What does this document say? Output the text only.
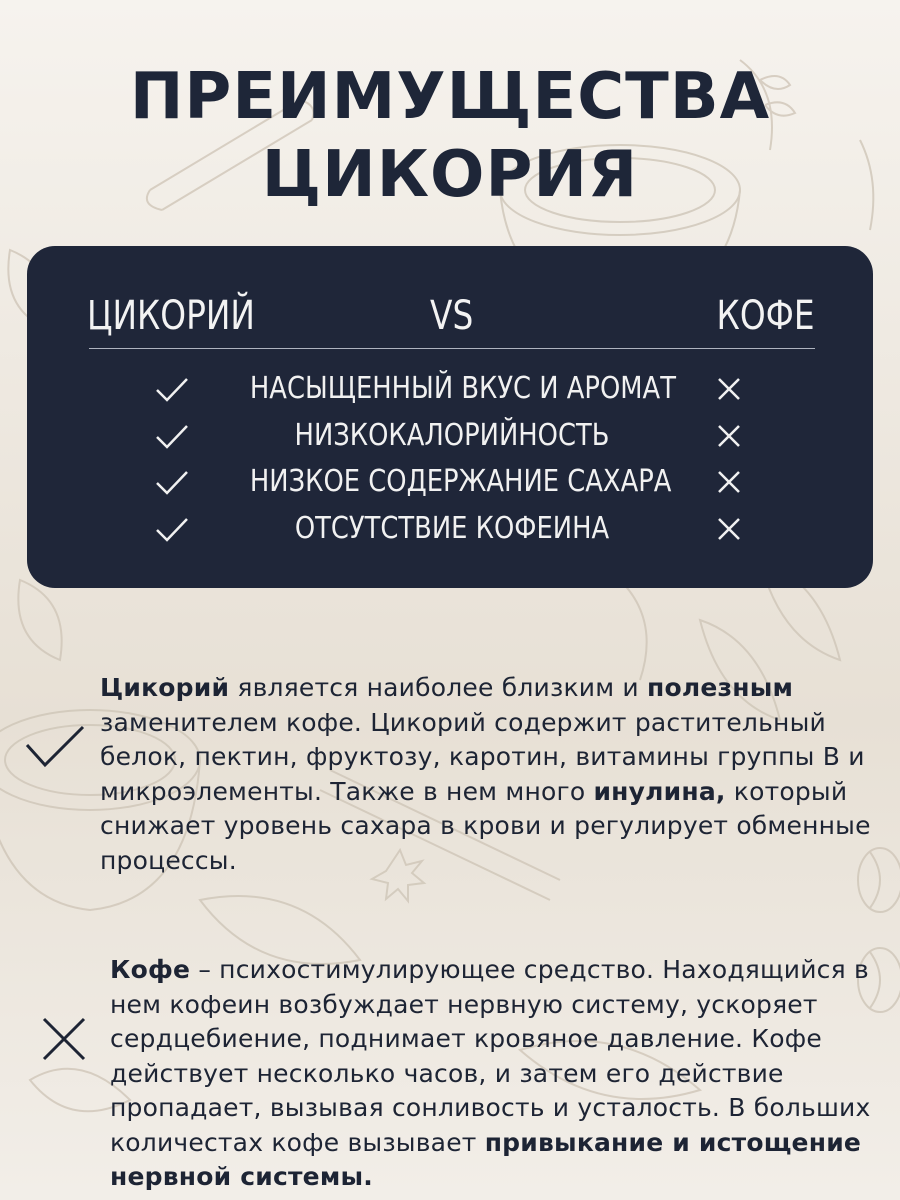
ПРЕИМУЩЕСТВА
ЦИКОРИЯ
ЦИКОРИЙ	VS	КОФЕ
НАСЫЩЕННЫЙ ВКУС И АРОМАТ
НИЗКОКАЛОРИЙНОСТЬ
НИЗКОЕ СОДЕРЖАНИЕ САХАРА
ОТСУТСТВИЕ КОФЕИНА

Цикорий является наиболее близким и полезным заменителем кофе. Цикорий содержит растительный белок, пектин, фруктозу, каротин, витамины группы В и микроэлементы. Также в нем много инулина, который снижает уровень сахара в крови и регулирует обменные процессы.

Кофе – психостимулирующее средство. Находящийся в нем кофеин возбуждает нервную систему, ускоряет сердцебиение, поднимает кровяное давление. Кофе действует несколько часов, и затем его действие пропадает, вызывая сонливость и усталость. В больших количестах кофе вызывает привыкание и истощение нервной системы.
